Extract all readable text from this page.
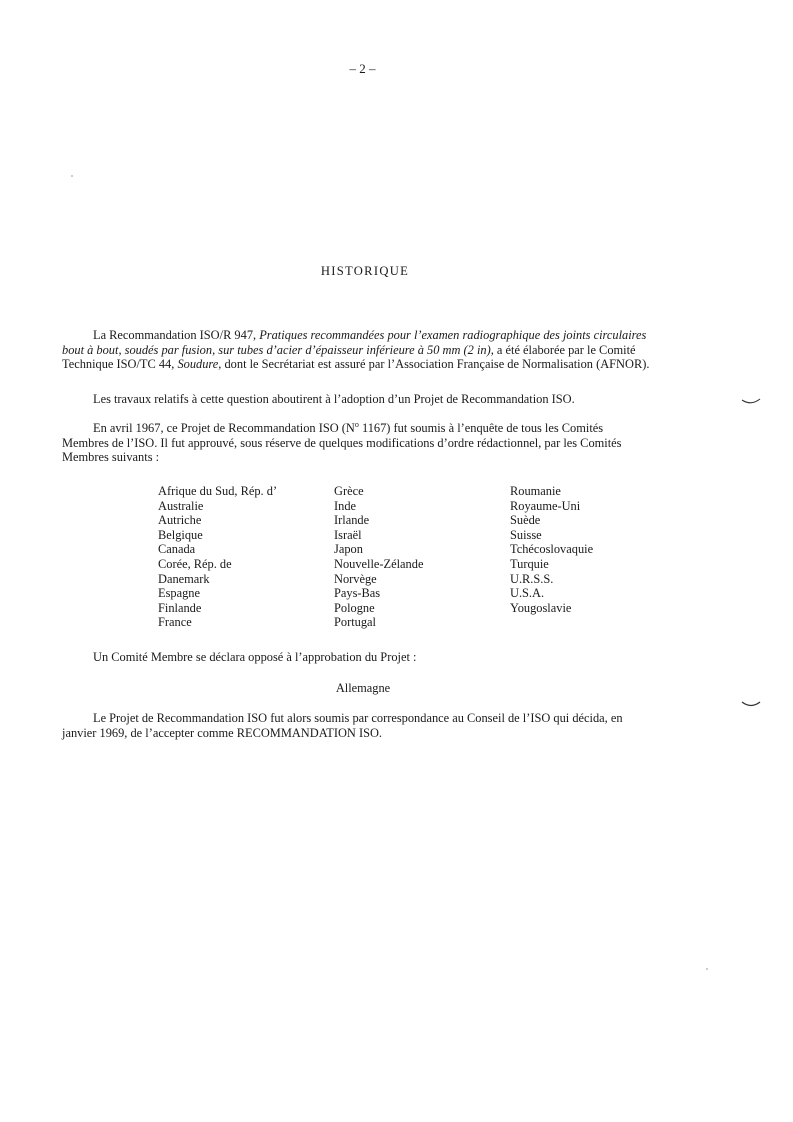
– 2 –
HISTORIQUE

La Recommandation ISO/R 947, Pratiques recommandées pour l’examen radiographique des joints circulaires
bout à bout, soudés par fusion, sur tubes d’acier d’épaisseur inférieure à 50 mm (2 in), a été élaborée par le Comité
Technique ISO/TC 44, Soudure, dont le Secrétariat est assuré par l’Association Française de Normalisation (AFNOR).

Les travaux relatifs à cette question aboutirent à l’adoption d’un Projet de Recommandation ISO.

En avril 1967, ce Projet de Recommandation ISO ($N^o$ 1167) fut soumis à l’enquête de tous les Comités
Membres de l’ISO. Il fut approuvé, sous réserve de quelques modifications d’ordre rédactionnel, par les Comités
Membres suivants :

Afrique du Sud, Rép. d’
Australie
Autriche
Belgique
Canada
Corée, Rép. de
Danemark
Espagne
Finlande
France
Grèce
Inde
Irlande
Israël
Japon
Nouvelle-Zélande
Norvège
Pays-Bas
Pologne
Portugal
Roumanie
Royaume-Uni
Suède
Suisse
Tchécoslovaquie
Turquie
U.R.S.S.
U.S.A.
Yougoslavie

Un Comité Membre se déclara opposé à l’approbation du Projet :

Allemagne

Le Projet de Recommandation ISO fut alors soumis par correspondance au Conseil de l’ISO qui décida, en
janvier 1969, de l’accepter comme RECOMMANDATION ISO.
